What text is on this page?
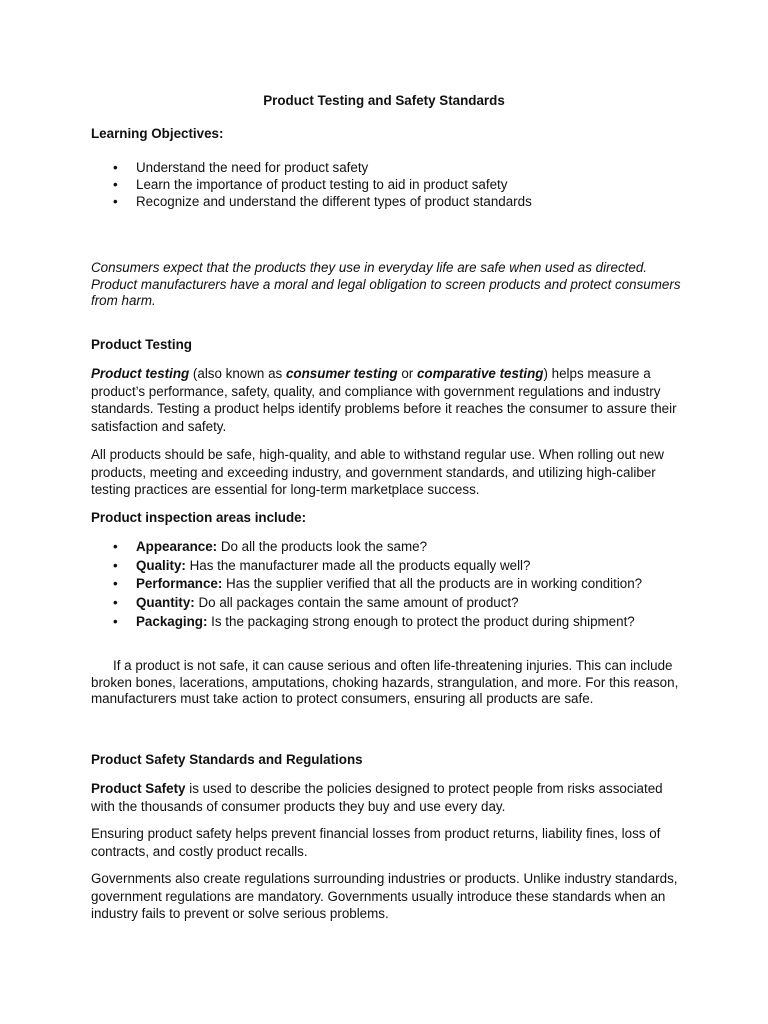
Product Testing and Safety Standards
Learning Objectives:
• Understand the need for product safety
• Learn the importance of product testing to aid in product safety
• Recognize and understand the different types of product standards

Consumers expect that the products they use in everyday life are safe when used as directed. Product manufacturers have a moral and legal obligation to screen products and protect consumers from harm.

Product Testing

Product testing (also known as consumer testing or comparative testing) helps measure a product’s performance, safety, quality, and compliance with government regulations and industry standards. Testing a product helps identify problems before it reaches the consumer to assure their satisfaction and safety.

All products should be safe, high-quality, and able to withstand regular use. When rolling out new products, meeting and exceeding industry, and government standards, and utilizing high-caliber testing practices are essential for long-term marketplace success.

Product inspection areas include:
• Appearance: Do all the products look the same?
• Quality: Has the manufacturer made all the products equally well?
• Performance: Has the supplier verified that all the products are in working condition?
• Quantity: Do all packages contain the same amount of product?
• Packaging: Is the packaging strong enough to protect the product during shipment?

If a product is not safe, it can cause serious and often life-threatening injuries. This can include broken bones, lacerations, amputations, choking hazards, strangulation, and more. For this reason, manufacturers must take action to protect consumers, ensuring all products are safe.

Product Safety Standards and Regulations

Product Safety is used to describe the policies designed to protect people from risks associated with the thousands of consumer products they buy and use every day.

Ensuring product safety helps prevent financial losses from product returns, liability fines, loss of contracts, and costly product recalls.

Governments also create regulations surrounding industries or products. Unlike industry standards, government regulations are mandatory. Governments usually introduce these standards when an industry fails to prevent or solve serious problems.
